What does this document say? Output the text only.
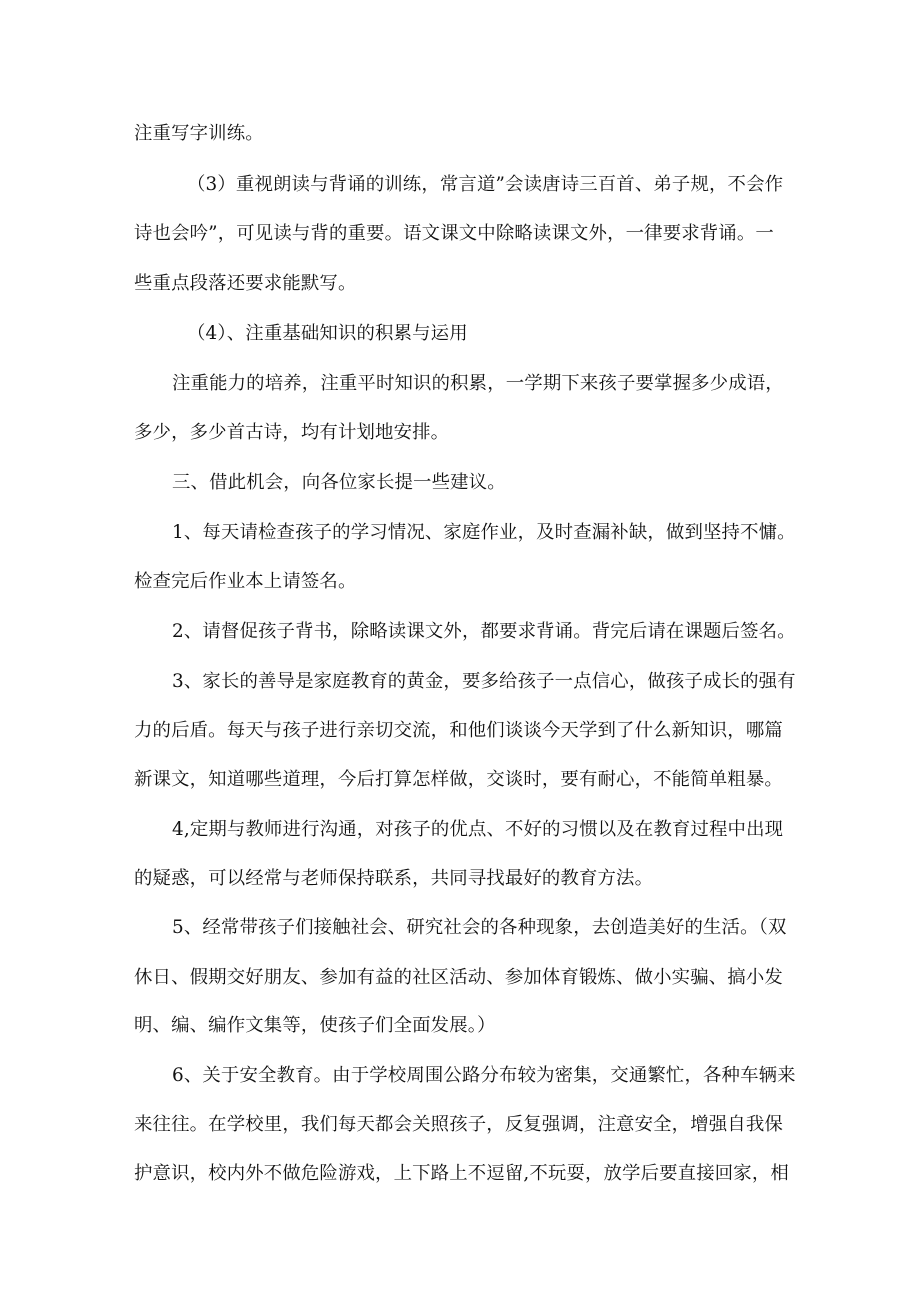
注重写字训练。
（3）重视朗读与背诵的训练，常言道”会读唐诗三百首、弟子规，不会作
诗也会吟”，可见读与背的重要。语文课文中除略读课文外，一律要求背诵。一
些重点段落还要求能默写。
（4）、注重基础知识的积累与运用
注重能力的培养，注重平时知识的积累，一学期下来孩子要掌握多少成语，
多少，多少首古诗，均有计划地安排。
三、借此机会，向各位家长提一些建议。
1、每天请检查孩子的学习情况、家庭作业，及时查漏补缺，做到坚持不慵。
检查完后作业本上请签名。
2、请督促孩子背书，除略读课文外，都要求背诵。背完后请在课题后签名。
3、家长的善导是家庭教育的黄金，要多给孩子一点信心，做孩子成长的强有
力的后盾。每天与孩子进行亲切交流，和他们谈谈今天学到了什么新知识，哪篇
新课文，知道哪些道理，今后打算怎样做，交谈时，要有耐心，不能简单粗暴。
4,定期与教师进行沟通，对孩子的优点、不好的习惯以及在教育过程中出现
的疑惑，可以经常与老师保持联系，共同寻找最好的教育方法。
5、经常带孩子们接触社会、研究社会的各种现象，去创造美好的生活。（双
休日、假期交好朋友、参加有益的社区活动、参加体育锻炼、做小实骗、搞小发
明、编、编作文集等，使孩子们全面发展。）
6、关于安全教育。由于学校周围公路分布较为密集，交通繁忙，各种车辆来
来往往。在学校里，我们每天都会关照孩子，反复强调，注意安全，增强自我保
护意识，校内外不做危险游戏，上下路上不逗留,不玩耍，放学后要直接回家，相
